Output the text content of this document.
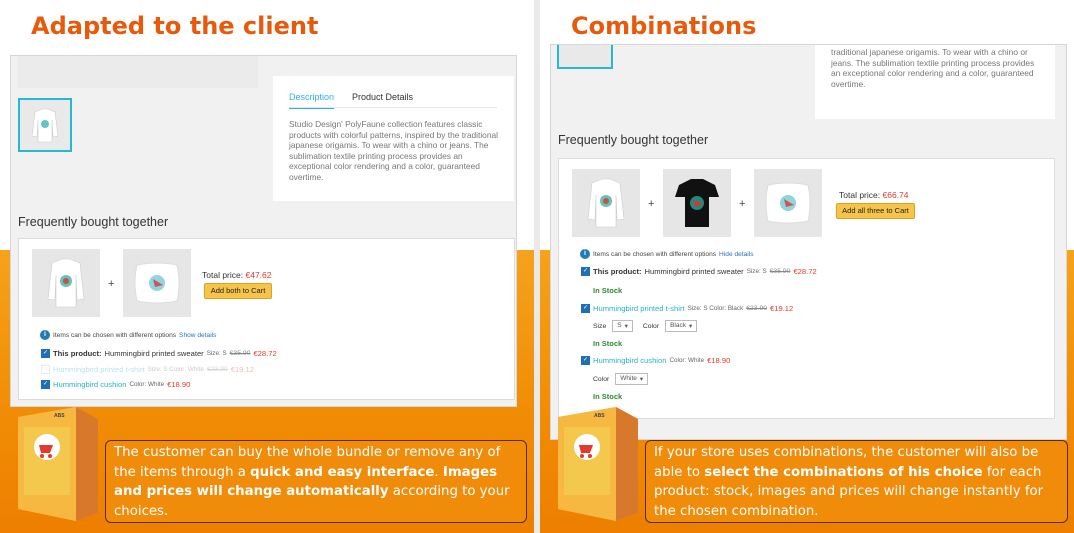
Adapted to the client
Description Product Details
Studio Design' PolyFaune collection features classic products with colorful patterns, inspired by the traditional japanese origamis. To wear with a chino or jeans. The sublimation textile printing process provides an exceptional color rendering and a color, guaranteed overtime.
Frequently bought together
+
Total price: €47.62
Add both to Cart
i	Items can be chosen with different options Show details
✓ This product: Hummingbird printed sweater Size: S €35.90 €28.72
Hummingbird printed t-shirt Size: S Color: White €23.90 €19.12
✓ Hummingbird cushion Color: White €18.90
ABS
The customer can buy the whole bundle or remove any of the items through a quick and easy interface. Images and prices will change automatically according to your choices.
Combinations
traditional japanese origamis. To wear with a chino or jeans. The sublimation textile printing process provides an exceptional color rendering and a color, guaranteed overtime.
Frequently bought together
+	+
Total price: €66.74
Add all three to Cart
i	Items can be chosen with different options Hide details
✓ This product: Hummingbird printed sweater Size: S €35.90 €28.72
In Stock
✓ Hummingbird printed t-shirt Size: S Color: Black €23.90 €19.12
Size S ▾ Color Black ▾
In Stock
✓ Hummingbird cushion Color: White €18.90
Color White ▾
In Stock
ABS
If your store uses combinations, the customer will also be able to select the combinations of his choice for each product: stock, images and prices will change instantly for the chosen combination.
